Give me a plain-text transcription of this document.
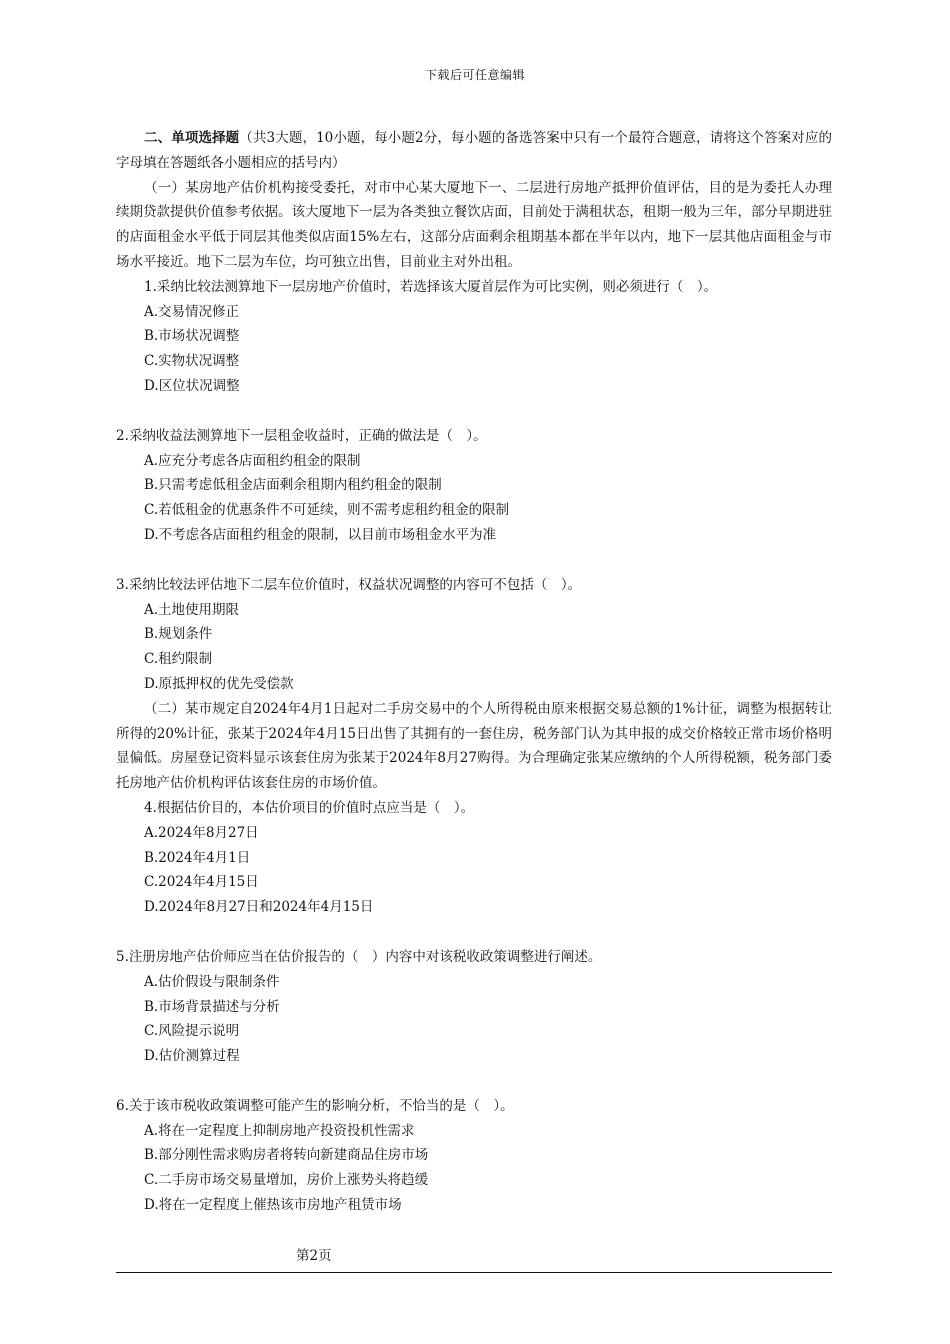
下载后可任意编辑

二、单项选择题（共3大题，10小题，每小题2分，每小题的备选答案中只有一个最符合题意，请将这个答案对应的字母填在答题纸各小题相应的括号内）

（一）某房地产估价机构接受委托，对市中心某大厦地下一、二层进行房地产抵押价值评估，目的是为委托人办理续期贷款提供价值参考依据。该大厦地下一层为各类独立餐饮店面，目前处于满租状态，租期一般为三年，部分早期进驻的店面租金水平低于同层其他类似店面15%左右，这部分店面剩余租期基本都在半年以内，地下一层其他店面租金与市场水平接近。地下二层为车位，均可独立出售，目前业主对外出租。

1.采纳比较法测算地下一层房地产价值时，若选择该大厦首层作为可比实例，则必须进行（　）。

A.交易情况修正

B.市场状况调整

C.实物状况调整

D.区位状况调整

2.采纳收益法测算地下一层租金收益时，正确的做法是（　）。

A.应充分考虑各店面租约租金的限制

B.只需考虑低租金店面剩余租期内租约租金的限制

C.若低租金的优惠条件不可延续，则不需考虑租约租金的限制

D.不考虑各店面租约租金的限制，以目前市场租金水平为准

3.采纳比较法评估地下二层车位价值时，权益状况调整的内容可不包括（　）。

A.土地使用期限

B.规划条件

C.租约限制

D.原抵押权的优先受偿款

（二）某市规定自2024年4月1日起对二手房交易中的个人所得税由原来根据交易总额的1%计征，调整为根据转让所得的20%计征，张某于2024年4月15日出售了其拥有的一套住房，税务部门认为其申报的成交价格较正常市场价格明显偏低。房屋登记资料显示该套住房为张某于2024年8月27购得。为合理确定张某应缴纳的个人所得税额，税务部门委托房地产估价机构评估该套住房的市场价值。

4.根据估价目的，本估价项目的价值时点应当是（　）。

A.2024年8月27日

B.2024年4月1日

C.2024年4月15日

D.2024年8月27日和2024年4月15日

5.注册房地产估价师应当在估价报告的（　）内容中对该税收政策调整进行阐述。

A.估价假设与限制条件

B.市场背景描述与分析

C.风险提示说明

D.估价测算过程

6.关于该市税收政策调整可能产生的影响分析，不恰当的是（　）。

A.将在一定程度上抑制房地产投资投机性需求

B.部分刚性需求购房者将转向新建商品住房市场

C.二手房市场交易量增加，房价上涨势头将趋缓

D.将在一定程度上催热该市房地产租赁市场

第2页
